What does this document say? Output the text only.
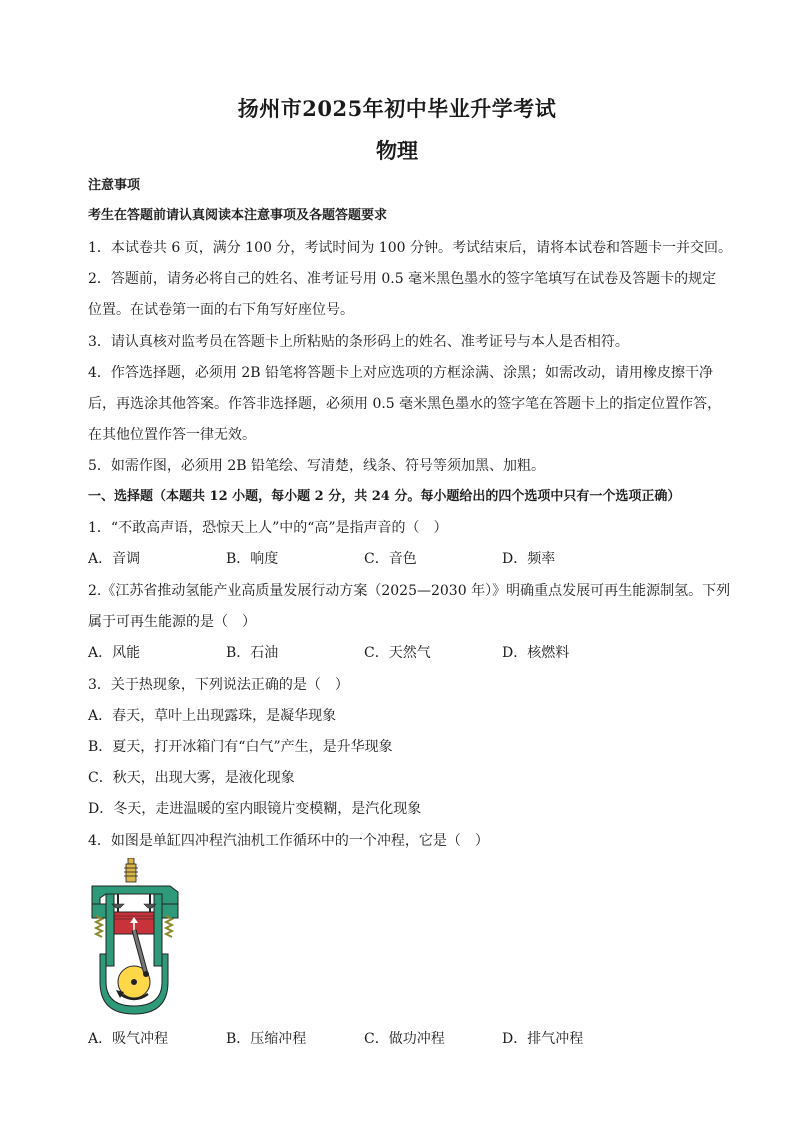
扬州市2025年初中毕业升学考试
物理
注意事项
考生在答题前请认真阅读本注意事项及各题答题要求
1．本试卷共 6 页，满分 100 分，考试时间为 100 分钟。考试结束后，请将本试卷和答题卡一并交回。
2．答题前，请务必将自己的姓名、准考证号用 0.5 毫米黑色墨水的签字笔填写在试卷及答题卡的规定
位置。在试卷第一面的右下角写好座位号。
3．请认真核对监考员在答题卡上所粘贴的条形码上的姓名、准考证号与本人是否相符。
4．作答选择题，必须用 2B 铅笔将答题卡上对应选项的方框涂满、涂黑；如需改动，请用橡皮擦干净
后，再选涂其他答案。作答非选择题，必须用 0.5 毫米黑色墨水的签字笔在答题卡上的指定位置作答，
在其他位置作答一律无效。
5．如需作图，必须用 2B 铅笔绘、写清楚，线条、符号等须加黑、加粗。
一、选择题（本题共 12 小题，每小题 2 分，共 24 分。每小题给出的四个选项中只有一个选项正确）
1．“不敢高声语，恐惊天上人”中的“高”是指声音的（　）
A．音调	B．响度	C．音色	D．频率
2.《江苏省推动氢能产业高质量发展行动方案（2025—2030 年）》明确重点发展可再生能源制氢。下列
属于可再生能源的是（　）
A．风能	B．石油	C．天然气	D．核燃料
3．关于热现象，下列说法正确的是（　）
A．春天，草叶上出现露珠，是凝华现象
B．夏天，打开冰箱门有“白气”产生，是升华现象
C．秋天，出现大雾，是液化现象
D．冬天，走进温暖的室内眼镜片变模糊，是汽化现象
4．如图是单缸四冲程汽油机工作循环中的一个冲程，它是（　）
A．吸气冲程	B．压缩冲程	C．做功冲程	D．排气冲程
